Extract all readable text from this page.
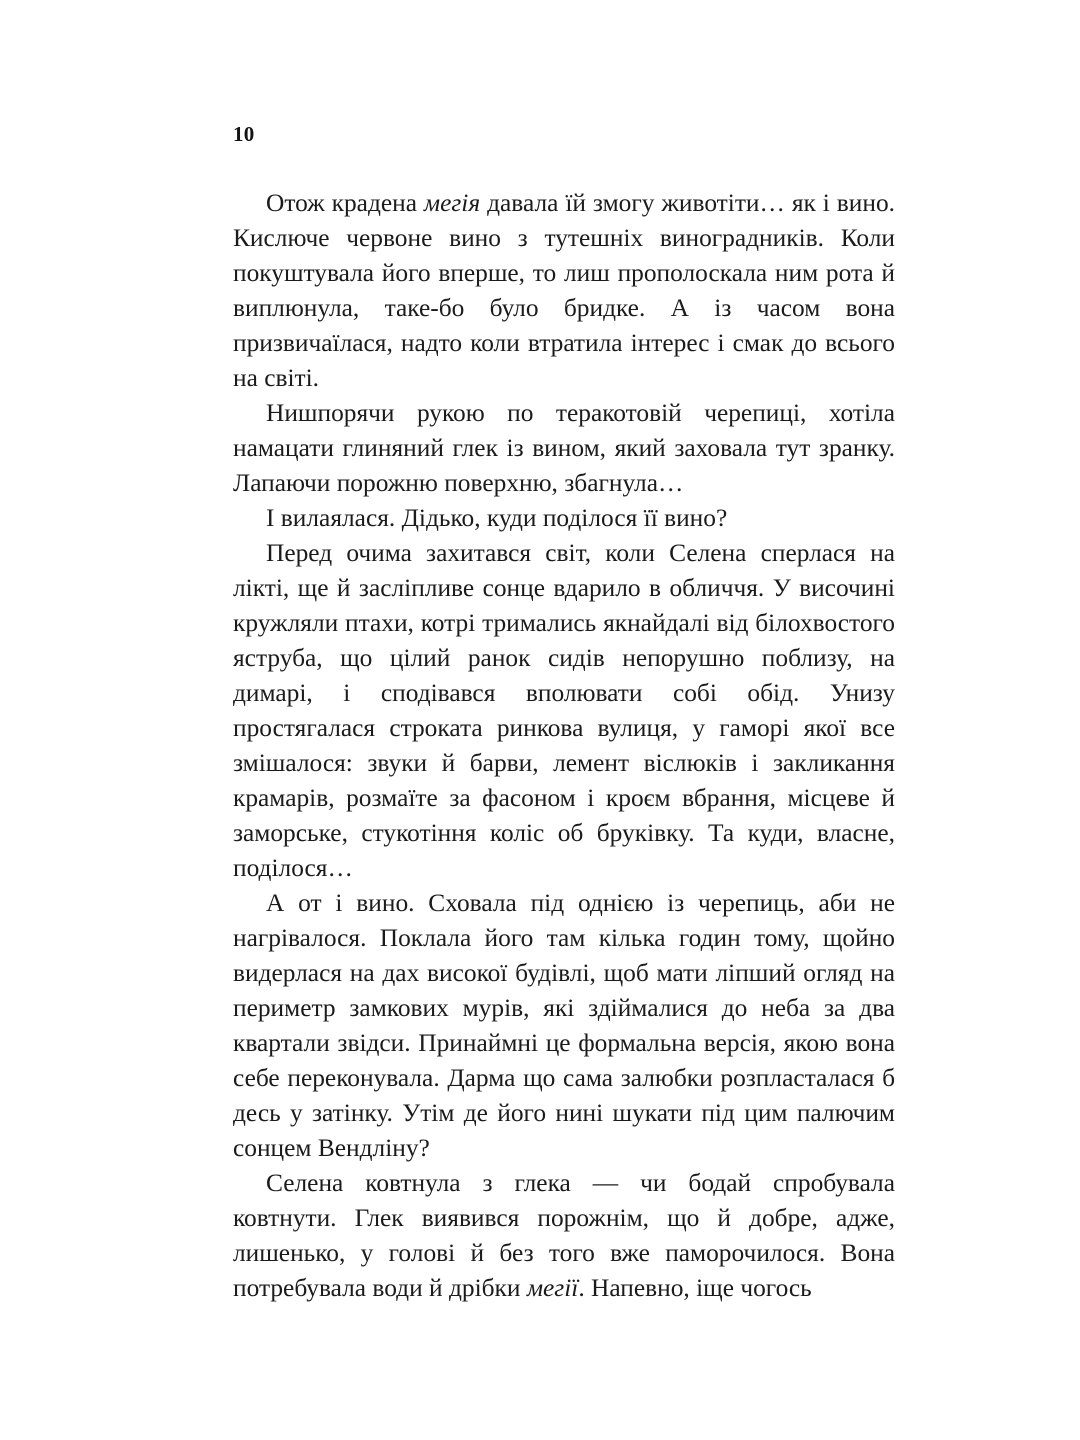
10

Отож крадена мегія давала їй змогу животіти… як і вино. Кислюче червоне вино з тутешніх виноградників. Коли покуштувала його вперше, то лиш прополоскала ним рота й виплюнула, таке-бо було бридке. А із часом вона призвичаїлася, надто коли втратила інтерес і смак до всього на світі.

Нишпорячи рукою по теракотовій черепиці, хотіла намацати глиняний глек із вином, який заховала тут зранку. Лапаючи порожню поверхню, збагнула…

І вилаялася. Дідько, куди поділося її вино?

Перед очима захитався світ, коли Селена сперлася на лікті, ще й засліпливе сонце вдарило в обличчя. У височині кружляли птахи, котрі тримались якнайдалі від білохвостого яструба, що цілий ранок сидів непорушно поблизу, на димарі, і сподівався вполювати собі обід. Унизу простягалася строката ринкова вулиця, у гаморі якої все змішалося: звуки й барви, лемент віслюків і закликання крамарів, розмаїте за фасоном і кроєм вбрання, місцеве й заморське, стукотіння коліс об бруківку. Та куди, власне, поділося…

А от і вино. Сховала під однією із черепиць, аби не нагрівалося. Поклала його там кілька годин тому, щойно видерлася на дах високої будівлі, щоб мати ліпший огляд на периметр замкових мурів, які здіймалися до неба за два квартали звідси. Принаймні це формальна версія, якою вона себе переконувала. Дарма що сама залюбки розпласталася б десь у затінку. Утім де його нині шукати під цим палючим сонцем Вендліну?

Селена ковтнула з глека — чи бодай спробувала ковтнути. Глек виявився порожнім, що й добре, адже, лишенько, у голові й без того вже паморочилося. Вона потребувала води й дрібки мегії. Напевно, іще чогось
